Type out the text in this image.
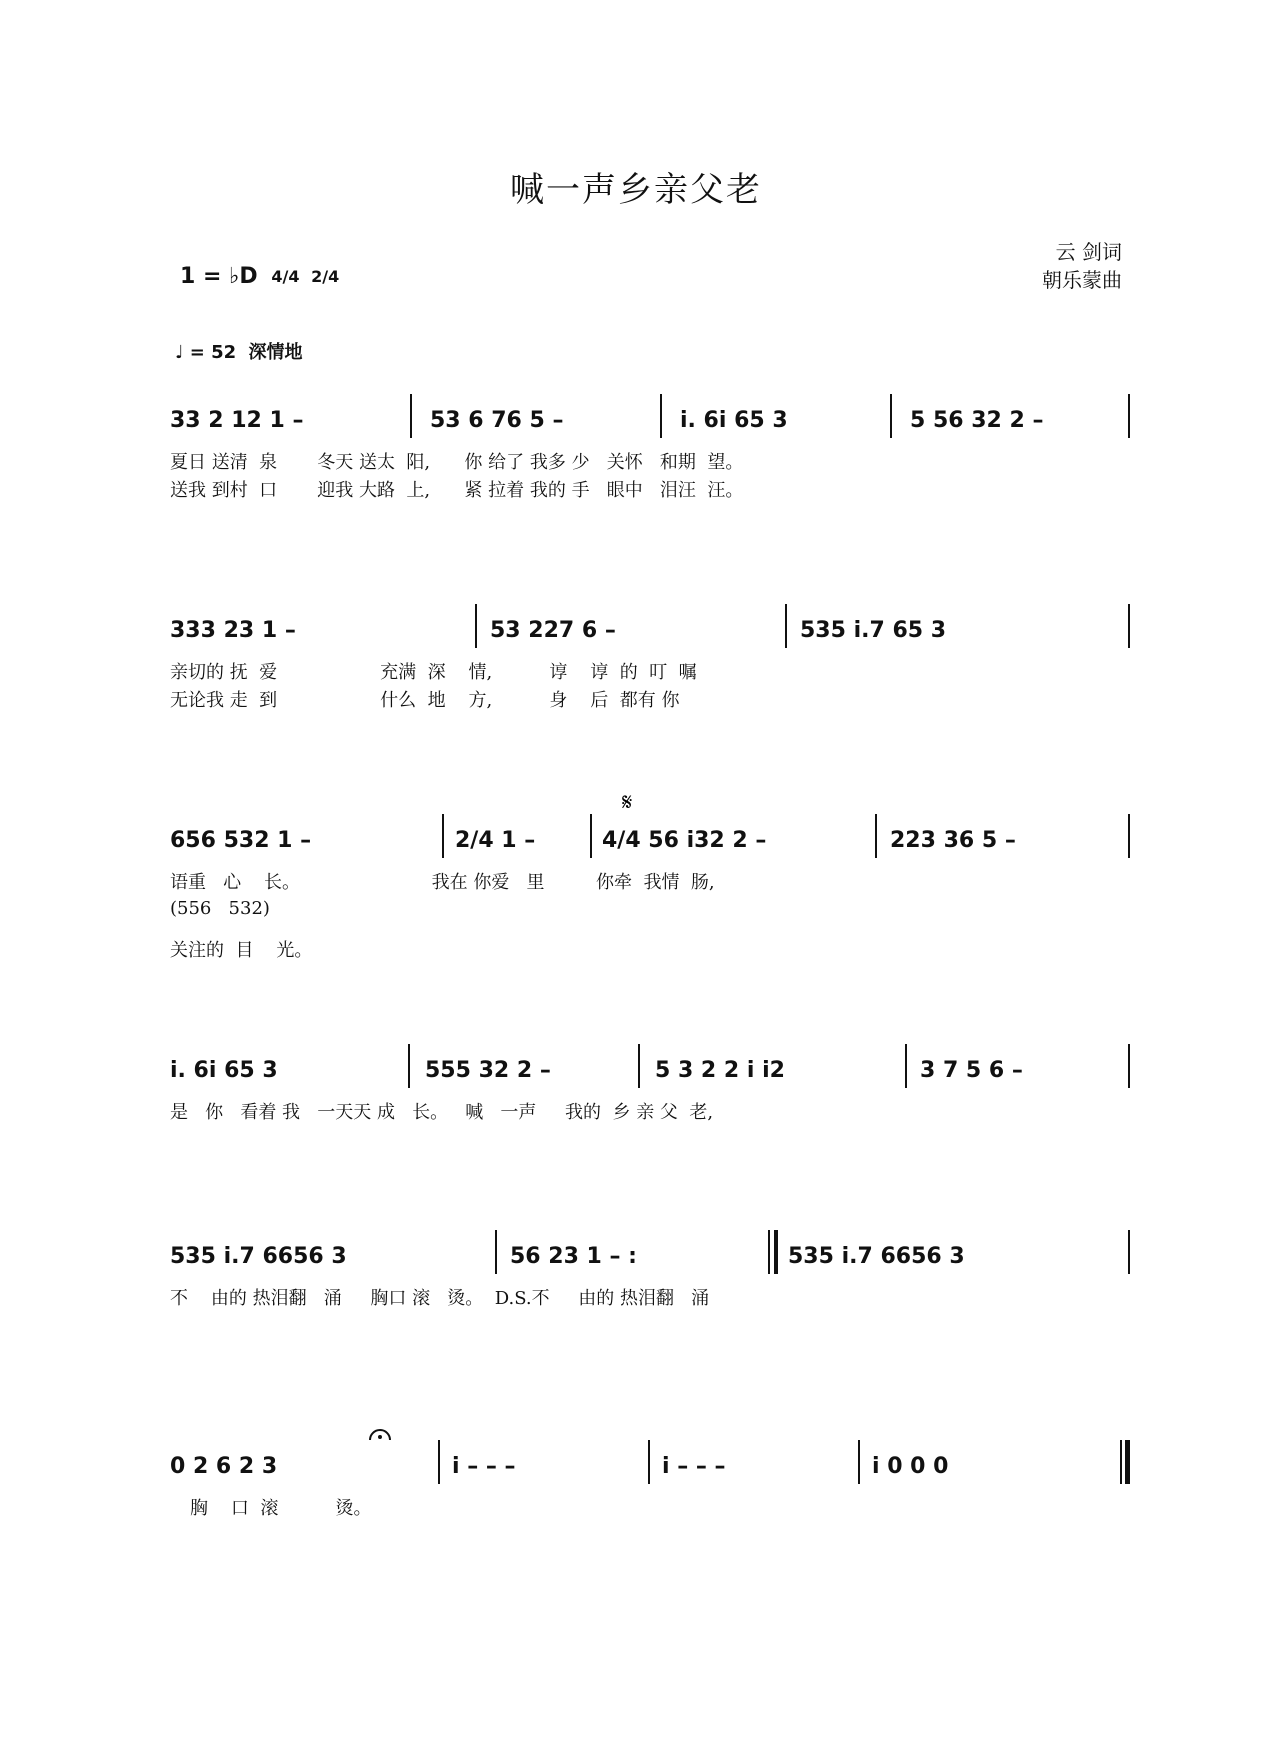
喊一声乡亲父老
云 剑词
朝乐蒙曲
1 = ♭D 4/4 2/4
♩ = 52 深情地
33 2 12 1 –	53 6 76 5 –	i. 6i 65 3	5 56 32 2 –
夏日 送清  泉       冬天 送太  阳,      你 给了 我多 少   关怀   和期  望。
送我 到村  口       迎我 大路  上,      紧 拉着 我的 手   眼中   泪汪  汪。
333 23 1 –	53 227 6 –	535 i.7 65 3
亲切的 抚  爱                  充满  深    情,          谆    谆  的  叮  嘱
无论我 走  到                  什么  地    方,          身    后  都有 你
𝄋
656 532 1 –	2/4 1 –	4/4 56 i32 2 –	223 36 5 –
语重   心    长。                       我在 你爱   里         你牵  我情  肠,
(556   532)
关注的  目    光。
i. 6i 65 3	555 32 2 –	5 3 2 2 i i2	3 7 5 6 –
是   你   看着 我   一天天 成   长。   喊   一声     我的  乡 亲 父  老,
535 i.7 6656 3	56 23 1 – :	535 i.7 6656 3
不    由的 热泪翻   涌     胸口 滚   烫。  D.S.不     由的 热泪翻   涌
0 2 6 2 3	i – – –	i – – –	i 0 0 0
胸    口  滚          烫。
